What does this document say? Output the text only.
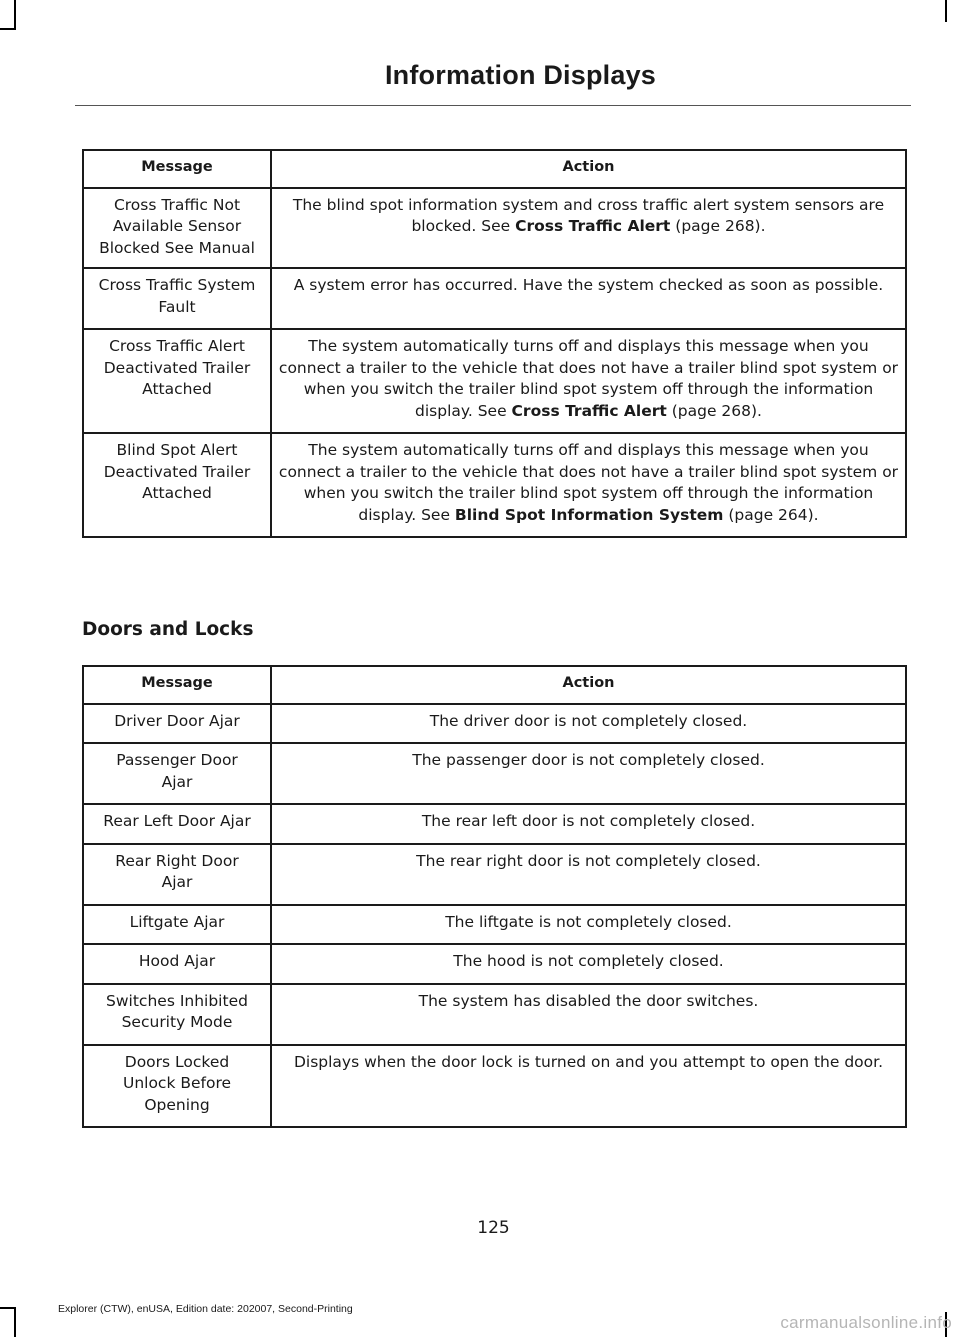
Information Displays
Message	Action
Cross Traffic Not Available Sensor Blocked See Manual	The blind spot information system and cross traffic alert system sensors are blocked. See Cross Traffic Alert (page 268).
Cross Traffic System Fault	A system error has occurred. Have the system checked as soon as possible.
Cross Traffic Alert Deactivated Trailer Attached	The system automatically turns off and displays this message when you connect a trailer to the vehicle that does not have a trailer blind spot system or when you switch the trailer blind spot system off through the information display. See Cross Traffic Alert (page 268).
Blind Spot Alert Deactivated Trailer Attached	The system automatically turns off and displays this message when you connect a trailer to the vehicle that does not have a trailer blind spot system or when you switch the trailer blind spot system off through the information display. See Blind Spot Information System (page 264).
Doors and Locks
Message	Action
Driver Door Ajar	The driver door is not completely closed.
Passenger Door Ajar	The passenger door is not completely closed.
Rear Left Door Ajar	The rear left door is not completely closed.
Rear Right Door Ajar	The rear right door is not completely closed.
Liftgate Ajar	The liftgate is not completely closed.
Hood Ajar	The hood is not completely closed.
Switches Inhibited Security Mode	The system has disabled the door switches.
Doors Locked Unlock Before Opening	Displays when the door lock is turned on and you attempt to open the door.
125
Explorer (CTW), enUSA, Edition date: 202007, Second-Printing
carmanualsonline.info
